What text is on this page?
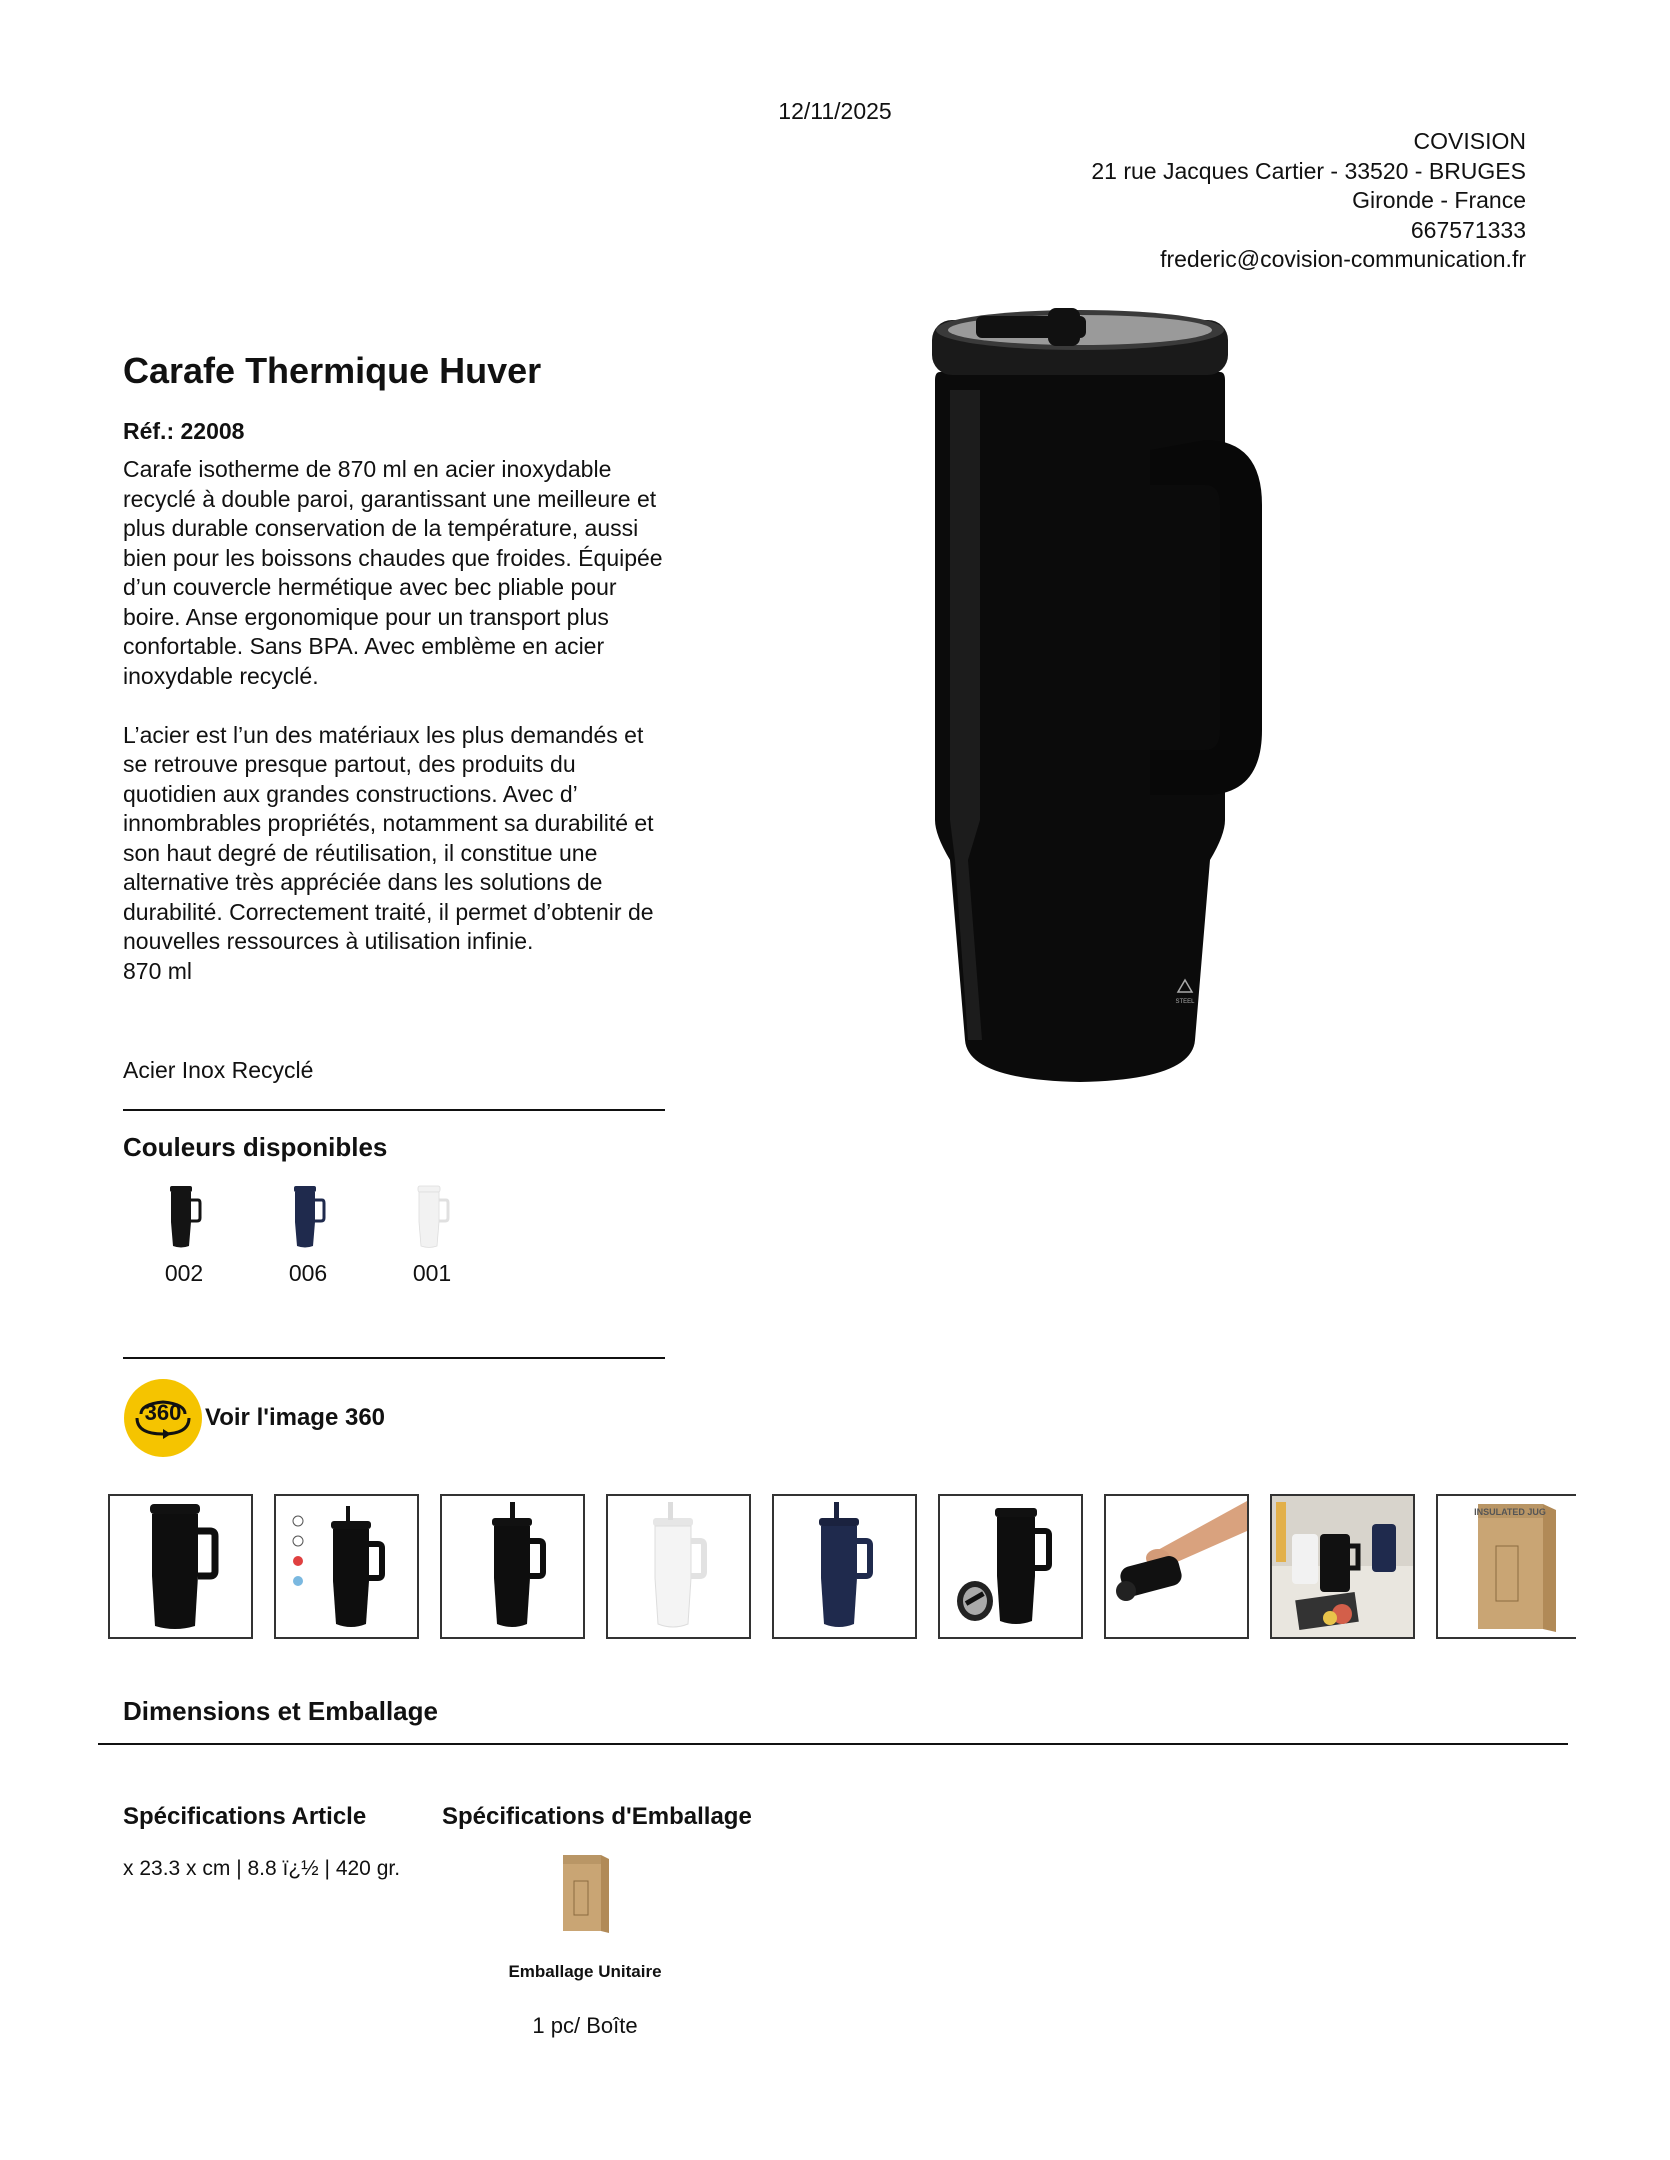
12/11/2025
COVISION
21 rue Jacques Cartier - 33520 - BRUGES
Gironde - France
667571333
frederic@covision-communication.fr
Carafe Thermique Huver
Réf.: 22008

Carafe isotherme de 870 ml en acier inoxydable recyclé à double paroi, garantissant une meilleure et plus durable conservation de la température, aussi bien pour les boissons chaudes que froides. Équipée d’un couvercle hermétique avec bec pliable pour boire. Anse ergonomique pour un transport plus confortable. Sans BPA. Avec emblème en acier inoxydable recyclé.

L’acier est l’un des matériaux les plus demandés et se retrouve presque partout, des produits du quotidien aux grandes constructions. Avec d’ innombrables propriétés, notamment sa durabilité et son haut degré de réutilisation, il constitue une alternative très appréciée dans les solutions de durabilité. Correctement traité, il permet d’obtenir de nouvelles ressources à utilisation infinie.

870 ml
Acier Inox Recyclé
STEEL
Couleurs disponibles
002	006	001
360 Voir l'image 360
INSULATED JUG
Dimensions et Emballage
Spécifications Article	Spécifications d'Emballage
x 23.3 x cm | 8.8 ï¿½ | 420 gr.
Emballage Unitaire
1 pc/ Boîte
